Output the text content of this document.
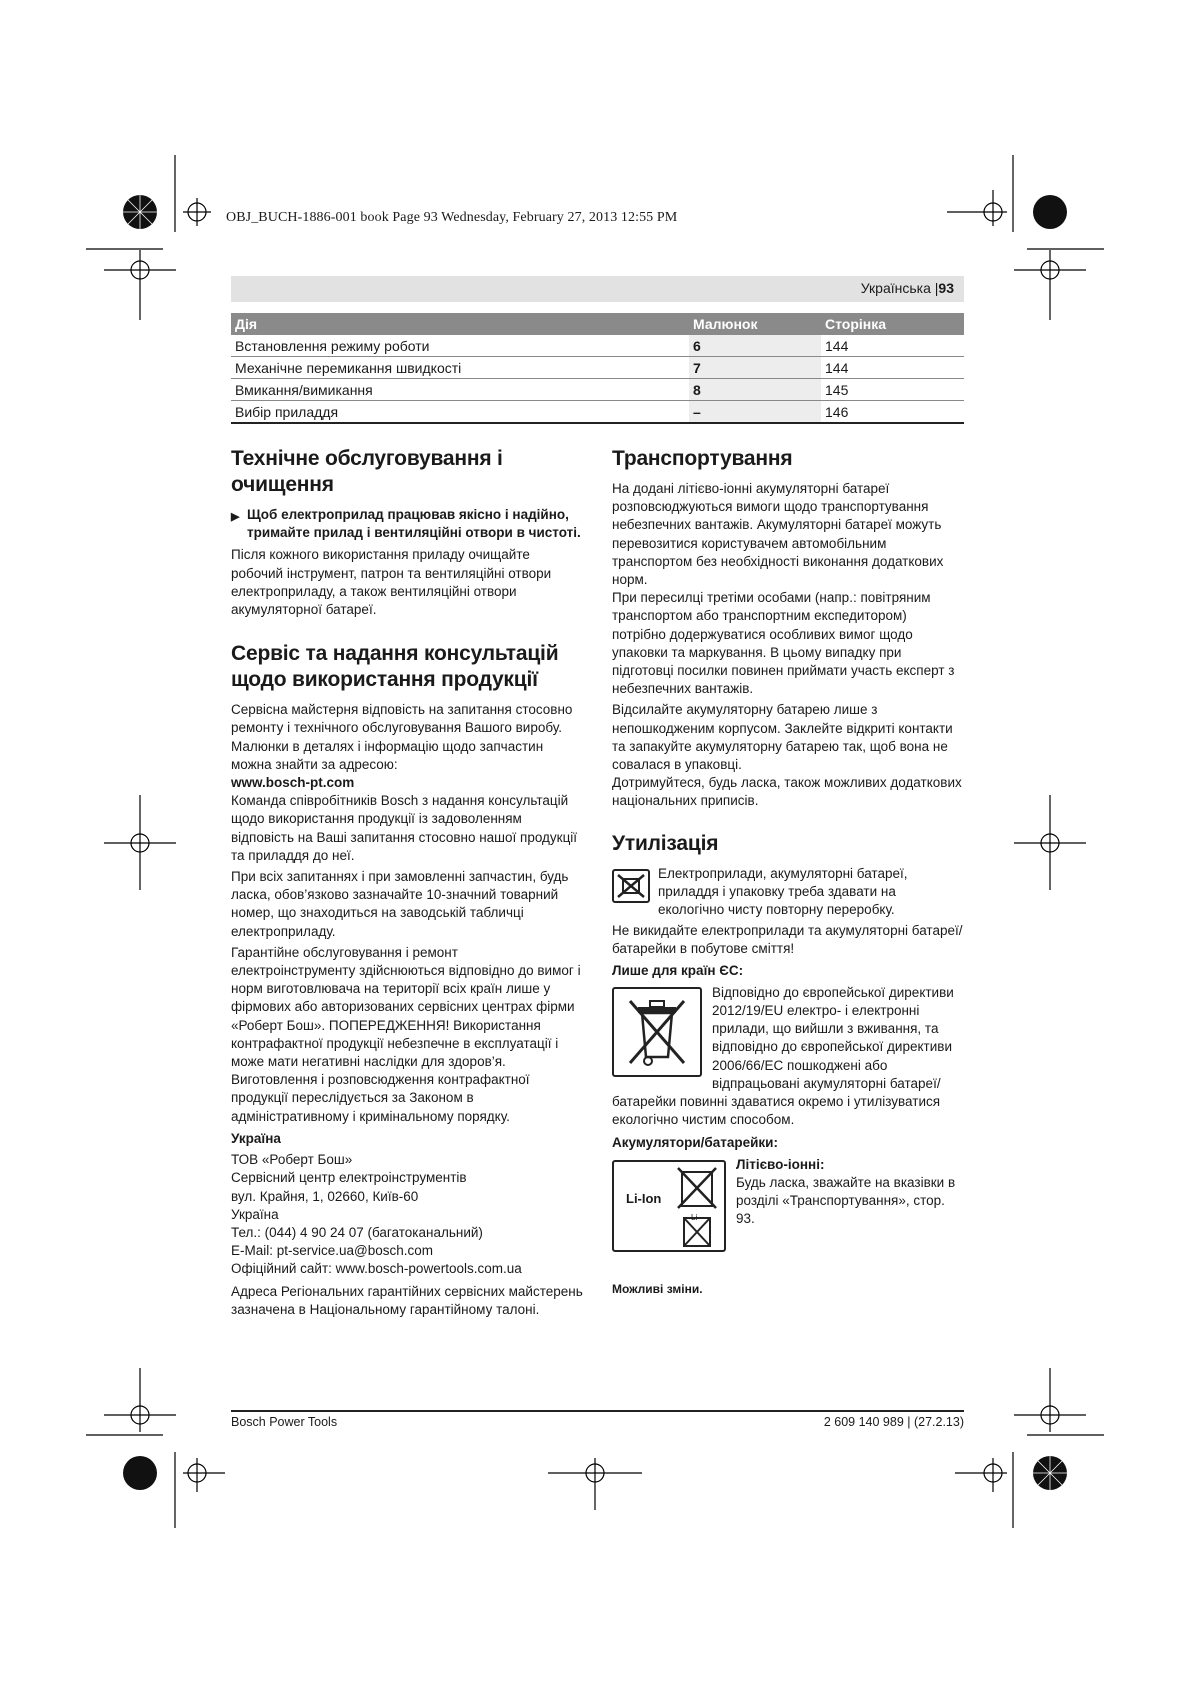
OBJ_BUCH-1886-001 book Page 93 Wednesday, February 27, 2013 12:55 PM
Українська |93
Дія	Малюнок	Сторінка
Встановлення режиму роботи	6	144
Механічне перемикання швидкості	7	144
Вмикання/вимикання	8	145
Вибір приладдя	–	146
Технічне обслуговування і очищення
▶ Щоб електроприлад працював якісно і надійно, тримайте прилад і вентиляційні отвори в чистоті.

Після кожного використання приладу очищайте робочий інструмент, патрон та вентиляційні отвори електроприладу, а також вентиляційні отвори акумуляторної батареї.

Сервіс та надання консультацій щодо використання продукції

Сервісна майстерня відповість на запитання стосовно ремонту і технічного обслуговування Вашого виробу. Малюнки в деталях і інформацію щодо запчастин можна знайти за адресою:

www.bosch-pt.com

Команда співробітників Bosch з надання консультацій щодо використання продукції із задоволенням відповість на Ваші запитання стосовно нашої продукції та приладдя до неї.

При всіх запитаннях і при замовленні запчастин, будь ласка, обов’язково зазначайте 10-значний товарний номер, що знаходиться на заводській табличці електроприладу.

Гарантійне обслуговування і ремонт електроінструменту здійснюються відповідно до вимог і норм виготовлювача на території всіх країн лише у фірмових або авторизованих сервісних центрах фірми «Роберт Бош». ПОПЕРЕДЖЕННЯ! Використання контрафактної продукції небезпечне в експлуатації і може мати негативні наслідки для здоров’я. Виготовлення і розповсюдження контрафактної продукції переслідується за Законом в адміністративному і кримінальному порядку.

Україна

ТОВ «Роберт Бош»
Сервісний центр електроінструментів
вул. Крайня, 1, 02660, Київ-60
Україна
Тел.: (044) 4 90 24 07 (багатоканальний)
E-Mail: pt-service.ua@bosch.com
Офіційний сайт: www.bosch-powertools.com.ua

Адреса Регіональних гарантійних сервісних майстерень зазначена в Національному гарантійному талоні.

Транспортування

На додані літієво-іонні акумуляторні батареї розповсюджуються вимоги щодо транспортування небезпечних вантажів. Акумуляторні батареї можуть перевозитися користувачем автомобільним транспортом без необхідності виконання додаткових норм.

При пересилці третіми особами (напр.: повітряним транспортом або транспортним експедитором) потрібно додержуватися особливих вимог щодо упаковки та маркування. В цьому випадку при підготовці посилки повинен приймати участь експерт з небезпечних вантажів.

Відсилайте акумуляторну батарею лише з непошкодженим корпусом. Заклейте відкриті контакти та запакуйте акумуляторну батарею так, щоб вона не совалася в упаковці.

Дотримуйтеся, будь ласка, також можливих додаткових національних приписів.

Утилізація

Електроприлади, акумуляторні батареї, приладдя і упаковку треба здавати на екологічно чисту повторну переробку.

Не викидайте електроприлади та акумуляторні батареї/батарейки в побутове сміття!

Лише для країн ЄС:

Відповідно до європейської директиви 2012/19/EU електро- і електронні прилади, що вийшли з вживання, та відповідно до європейської директиви 2006/66/EC пошкоджені або відпрацьовані акумуляторні батареї/батарейки повинні здаватися окремо і утилізуватися екологічно чистим способом.

Акумулятори/батарейки:

Li-Ion
Li

Літієво-іонні:

Будь ласка, зважайте на вказівки в розділі «Транспортування», стор. 93.

Можливі зміни.

Bosch Power Tools	2 609 140 989 | (27.2.13)
